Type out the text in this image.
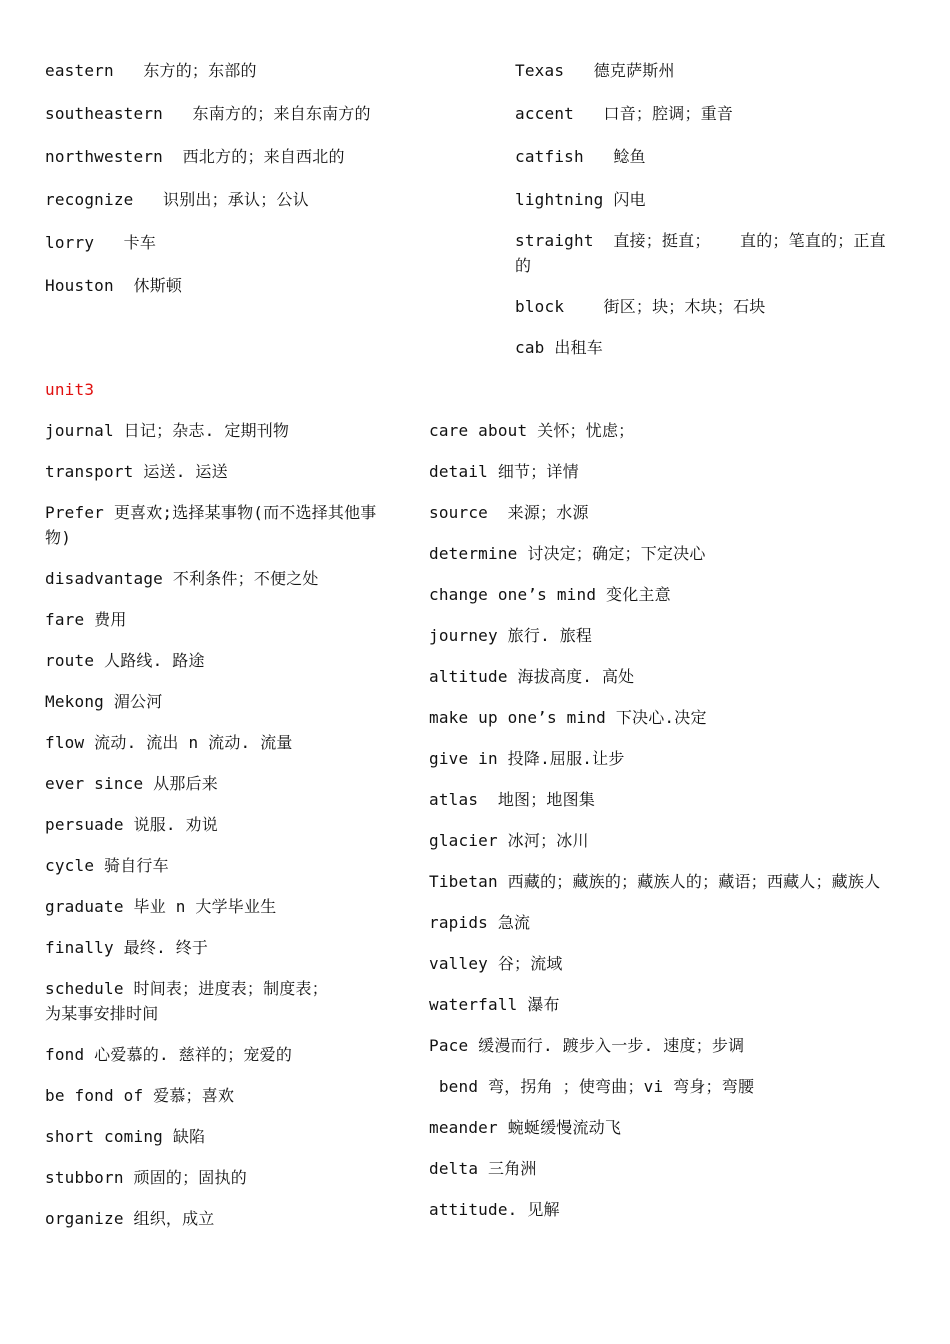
eastern   东方的；东部的
southeastern   东南方的；来自东南方的
northwestern  西北方的；来自西北的
recognize   识别出；承认；公认
lorry   卡车
Houston  休斯顿
Texas   德克萨斯州
accent   口音；腔调；重音
catfish   鲶鱼
lightning 闪电
straight  直接；挺直；   直的；笔直的；正直的
block    街区；块；木块；石块
cab 出租车
unit3
journal 日记；杂志. 定期刊物
transport 运送. 运送
Prefer 更喜欢;选择某事物(而不选择其他事物)
disadvantage 不利条件；不便之处
fare 费用
route 人路线. 路途
Mekong 湄公河
flow 流动. 流出 n 流动. 流量
ever since 从那后来
persuade 说服. 劝说
cycle 骑自行车
graduate 毕业 n 大学毕业生
finally 最终. 终于
schedule 时间表；进度表；制度表；
为某事安排时间
fond 心爱慕的. 慈祥的；宠爱的
be fond of 爱慕；喜欢
short coming 缺陷
stubborn 顽固的；固执的
organize 组织，成立
care about 关怀；忧虑；
detail 细节；详情
source  来源；水源
determine 讨决定；确定；下定决心
change one’s mind 变化主意
journey 旅行. 旅程
altitude 海拔高度. 高处
make up one’s mind 下决心.决定
give in 投降.屈服.让步
atlas  地图；地图集
glacier 冰河；冰川
Tibetan 西藏的；藏族的；藏族人的；藏语；西藏人；藏族人
rapids 急流
valley 谷；流域
waterfall 瀑布
Pace 缓漫而行. 踱步入一步. 速度；步调
bend 弯，拐角 ；使弯曲；vi 弯身；弯腰
meander 蜿蜒缓慢流动飞
delta 三角洲
attitude. 见解
